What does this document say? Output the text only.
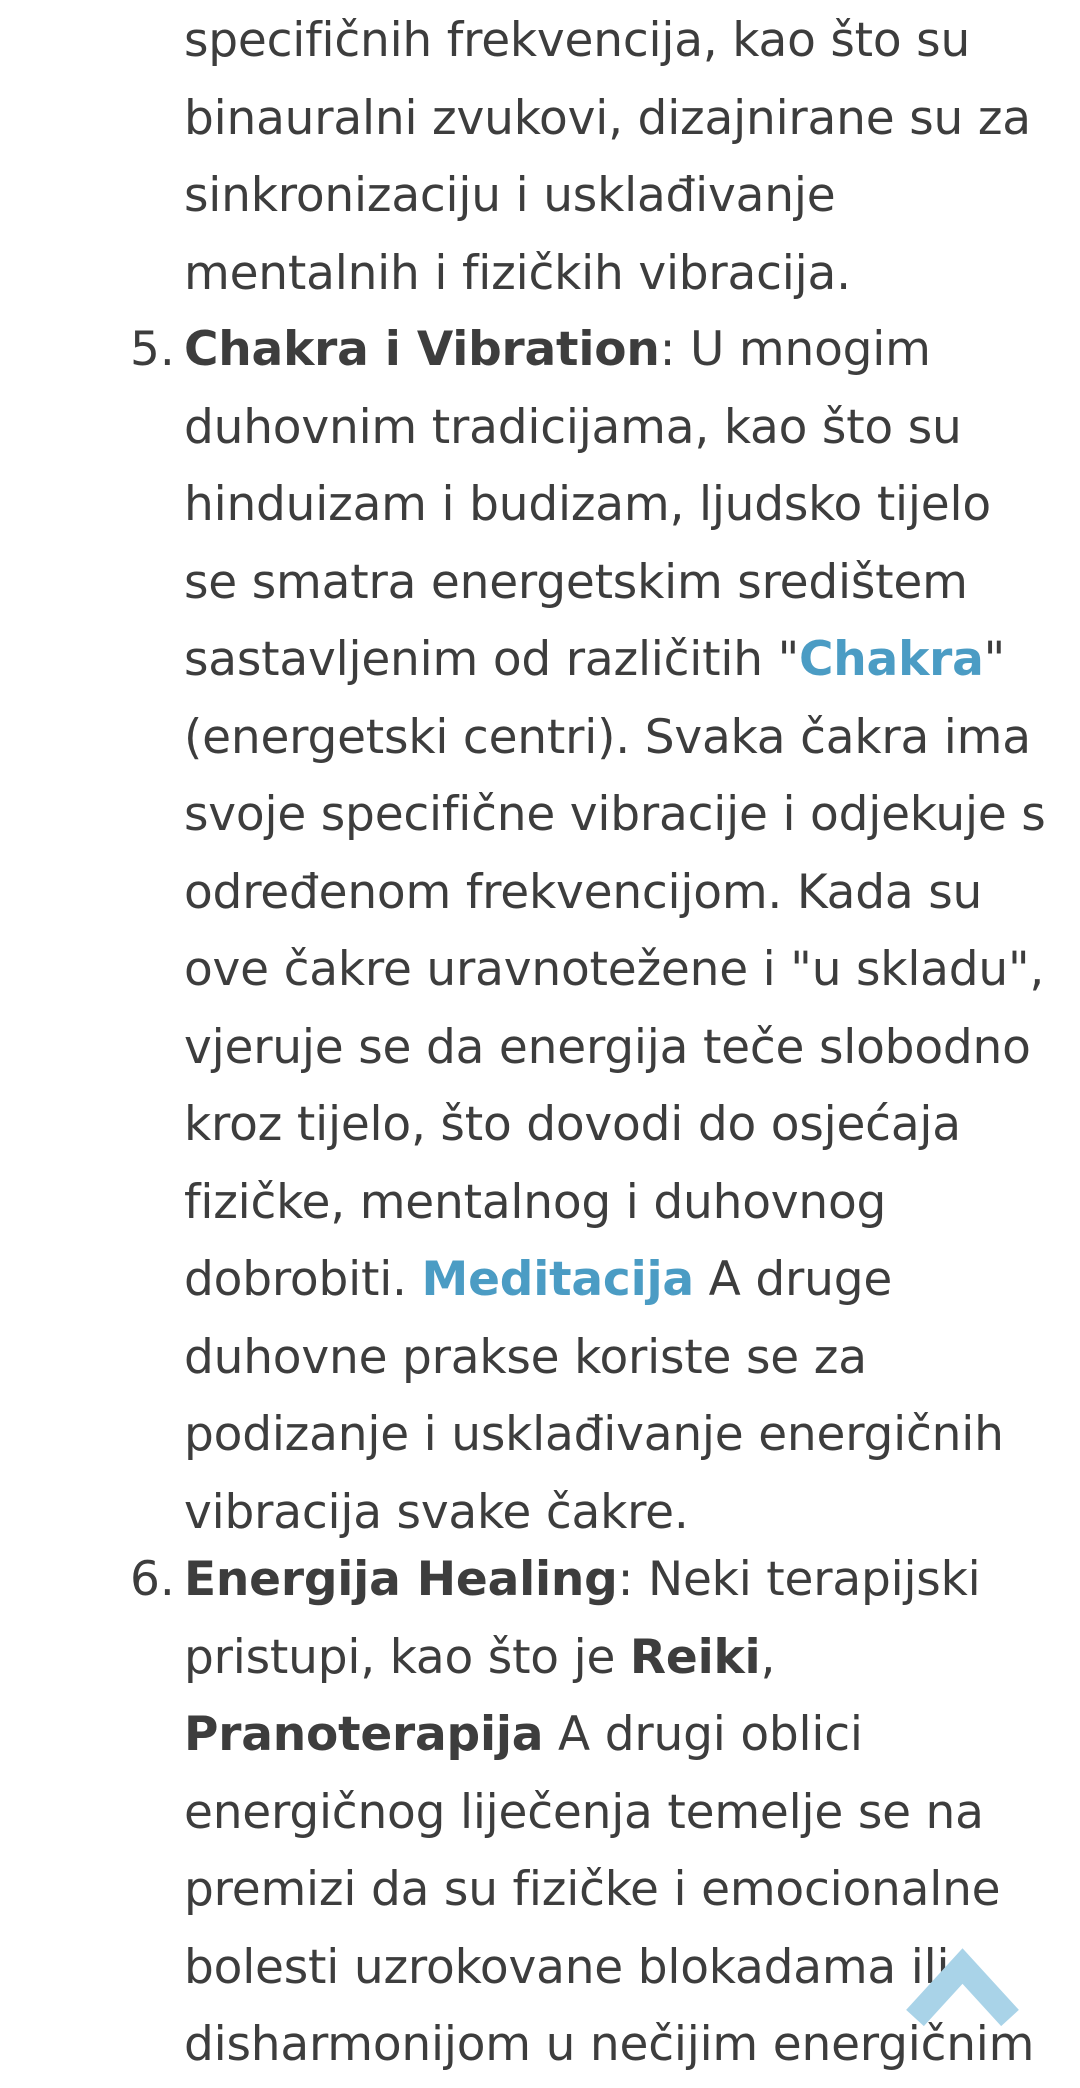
specifičnih frekvencija, kao što su
binauralni zvukovi, dizajnirane su za
sinkronizaciju i usklađivanje
mentalnih i fizičkih vibracija.
5. Chakra i Vibration: U mnogim
duhovnim tradicijama, kao što su
hinduizam i budizam, ljudsko tijelo
se smatra energetskim središtem
sastavljenim od različitih "Chakra"
(energetski centri). Svaka čakra ima
svoje specifične vibracije i odjekuje s
određenom frekvencijom. Kada su
ove čakre uravnotežene i "u skladu",
vjeruje se da energija teče slobodno
kroz tijelo, što dovodi do osjećaja
fizičke, mentalnog i duhovnog
dobrobiti. Meditacija A druge
duhovne prakse koriste se za
podizanje i usklađivanje energičnih
vibracija svake čakre.
6. Energija Healing: Neki terapijski
pristupi, kao što je Reiki,
Pranoterapija A drugi oblici
energičnog liječenja temelje se na
premizi da su fizičke i emocionalne
bolesti uzrokovane blokadama ili
disharmonijom u nečijim energičnim
